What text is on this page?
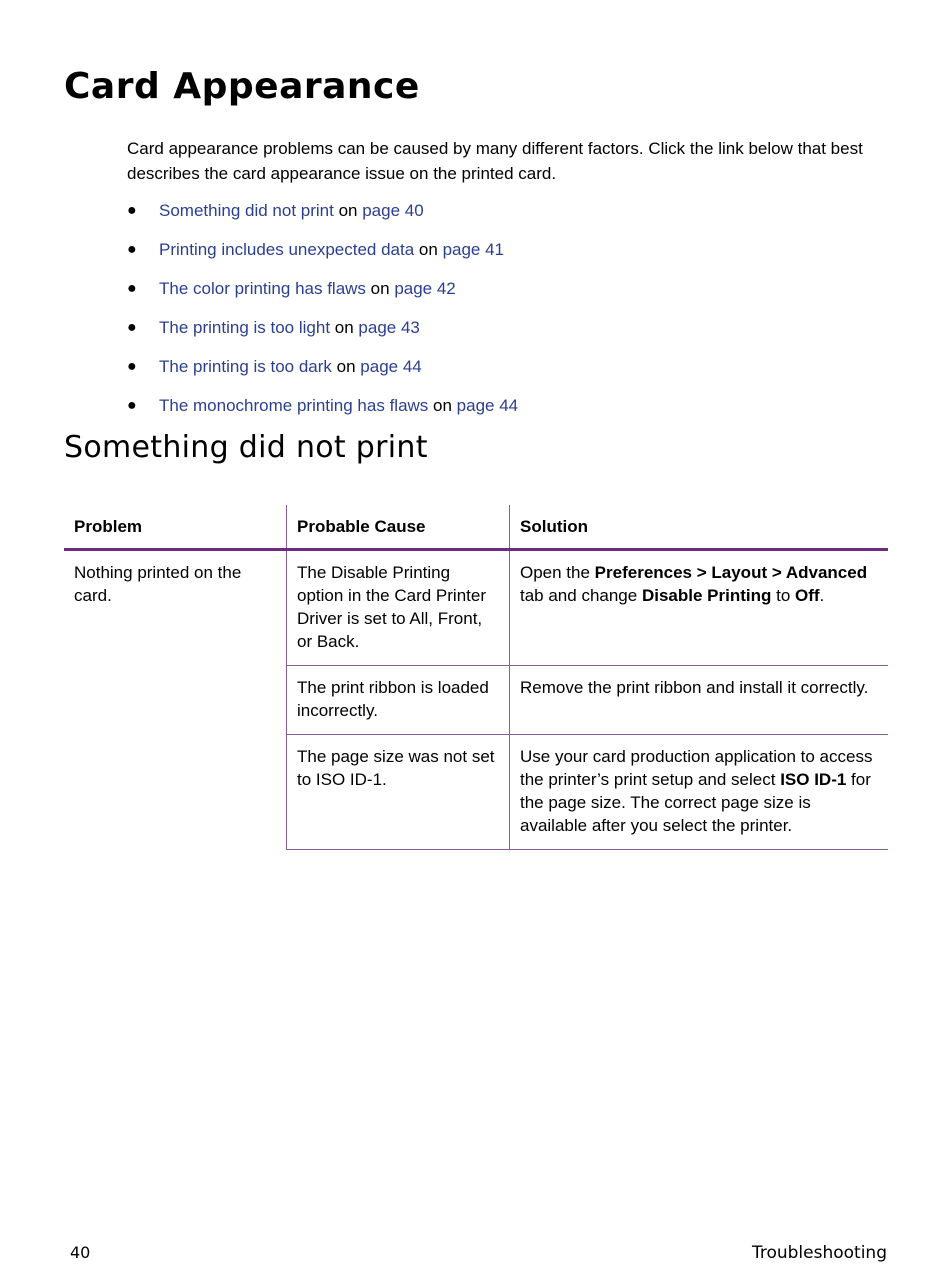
Card Appearance

Card appearance problems can be caused by many different factors. Click the link below that best describes the card appearance issue on the printed card.

● Something did not print on page 40
● Printing includes unexpected data on page 41
● The color printing has flaws on page 42
● The printing is too light on page 43
● The printing is too dark on page 44
● The monochrome printing has flaws on page 44
Something did not print
Problem	Probable Cause	Solution
Nothing printed on the card.	The Disable Printing option in the Card Printer Driver is set to All, Front, or Back.	Open the Preferences > Layout > Advanced tab and change Disable Printing to Off.
	The print ribbon is loaded incorrectly.	Remove the print ribbon and install it correctly.
	The page size was not set to ISO ID-1.	Use your card production application to access the printer’s print setup and select ISO ID-1 for the page size. The correct page size is available after you select the printer.
40	Troubleshooting
